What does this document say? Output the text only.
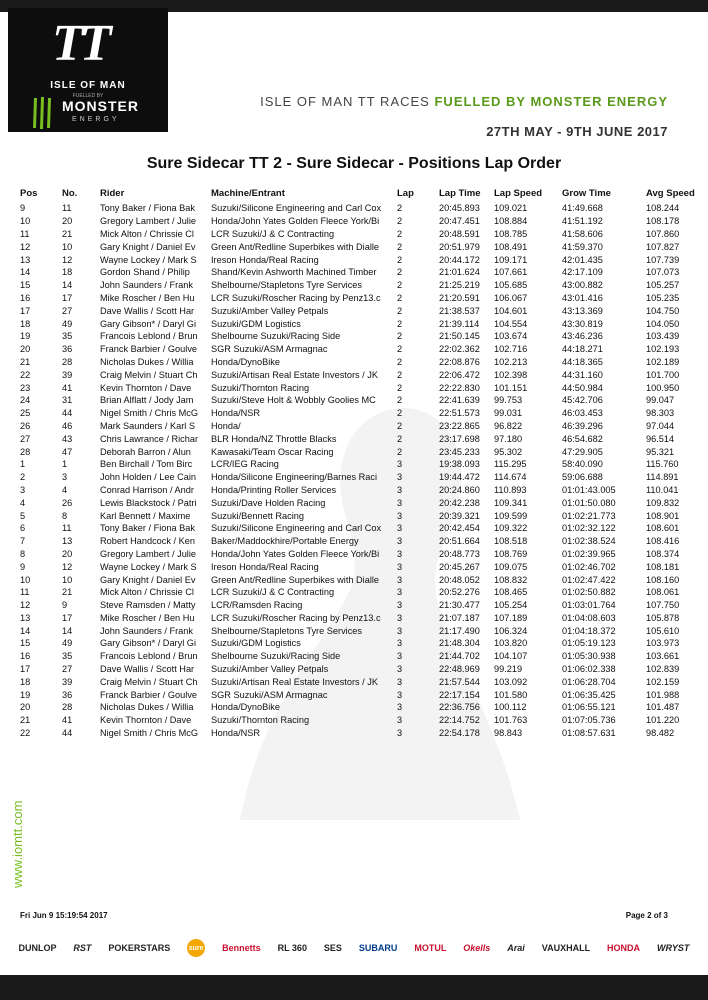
TT
ISLE OF MAN
FUELLED BY
MONSTER
ENERGY
ISLE OF MAN TT RACES FUELLED BY MONSTER ENERGY
27TH MAY - 9TH JUNE 2017
Sure Sidecar TT 2 - Sure Sidecar - Positions Lap Order
Pos	No.	Rider	Machine/Entrant	Lap	Lap Time	Lap Speed	Grow Time	Avg Speed
9	11	Tony Baker / Fiona Bak	Suzuki/Silicone Engineering and Carl Cox	2	20:45.893	109.021	41:49.668	108.244
10	20	Gregory Lambert / Julie	Honda/John Yates Golden Fleece York/Bi	2	20:47.451	108.884	41:51.192	108.178
11	21	Mick Alton / Chrissie Cl	LCR Suzuki/J & C Contracting	2	20:48.591	108.785	41:58.606	107.860
12	10	Gary Knight / Daniel Ev	Green Ant/Redline Superbikes with Dialle	2	20:51.979	108.491	41:59.370	107.827
13	12	Wayne Lockey / Mark S	Ireson Honda/Real Racing	2	20:44.172	109.171	42:01.435	107.739
14	18	Gordon Shand / Philip	Shand/Kevin Ashworth Machined Timber	2	21:01.624	107.661	42:17.109	107.073
15	14	John Saunders / Frank	Shelbourne/Stapletons Tyre Services	2	21:25.219	105.685	43:00.882	105.257
16	17	Mike Roscher / Ben Hu	LCR Suzuki/Roscher Racing by Penz13.c	2	21:20.591	106.067	43:01.416	105.235
17	27	Dave Wallis / Scott Har	Suzuki/Amber Valley Petpals	2	21:38.537	104.601	43:13.369	104.750
18	49	Gary Gibson* / Daryl Gi	Suzuki/GDM Logistics	2	21:39.114	104.554	43:30.819	104.050
19	35	Francois Leblond / Brun	Shelbourne Suzuki/Racing Side	2	21:50.145	103.674	43:46.236	103.439
20	36	Franck Barbier / Goulve	SGR Suzuki/ASM Armagnac	2	22:02.362	102.716	44:18.271	102.193
21	28	Nicholas Dukes / Willia	Honda/DynoBike	2	22:08.876	102.213	44:18.365	102.189
22	39	Craig Melvin / Stuart Ch	Suzuki/Artisan Real Estate Investors / JK	2	22:06.472	102.398	44:31.160	101.700
23	41	Kevin Thornton / Dave	Suzuki/Thornton Racing	2	22:22.830	101.151	44:50.984	100.950
24	31	Brian Alflatt / Jody Jam	Suzuki/Steve Holt & Wobbly Goolies MC	2	22:41.639	99.753	45:42.706	99.047
25	44	Nigel Smith / Chris McG	Honda/NSR	2	22:51.573	99.031	46:03.453	98.303
26	46	Mark Saunders / Karl S	Honda/	2	23:22.865	96.822	46:39.296	97.044
27	43	Chris Lawrance / Richar	BLR Honda/NZ Throttle Blacks	2	23:17.698	97.180	46:54.682	96.514
28	47	Deborah Barron / Alun	Kawasaki/Team Oscar Racing	2	23:45.233	95.302	47:29.905	95.321
1	1	Ben Birchall / Tom Birc	LCR/IEG Racing	3	19:38.093	115.295	58:40.090	115.760
2	3	John Holden / Lee Cain	Honda/Silicone Engineering/Barnes Raci	3	19:44.472	114.674	59:06.688	114.891
3	4	Conrad Harrison / Andr	Honda/Printing Roller Services	3	20:24.860	110.893	01:01:43.005	110.041
4	26	Lewis Blackstock / Patri	Suzuki/Dave Holden Racing	3	20:42.238	109.341	01:01:50.080	109.832
5	8	Karl Bennett / Maxime	Suzuki/Bennett Racing	3	20:39.321	109.599	01:02:21.773	108.901
6	11	Tony Baker / Fiona Bak	Suzuki/Silicone Engineering and Carl Cox	3	20:42.454	109.322	01:02:32.122	108.601
7	13	Robert Handcock / Ken	Baker/Maddockhire/Portable Energy	3	20:51.664	108.518	01:02:38.524	108.416
8	20	Gregory Lambert / Julie	Honda/John Yates Golden Fleece York/Bi	3	20:48.773	108.769	01:02:39.965	108.374
9	12	Wayne Lockey / Mark S	Ireson Honda/Real Racing	3	20:45.267	109.075	01:02:46.702	108.181
10	10	Gary Knight / Daniel Ev	Green Ant/Redline Superbikes with Dialle	3	20:48.052	108.832	01:02:47.422	108.160
11	21	Mick Alton / Chrissie Cl	LCR Suzuki/J & C Contracting	3	20:52.276	108.465	01:02:50.882	108.061
12	9	Steve Ramsden / Matty	LCR/Ramsden Racing	3	21:30.477	105.254	01:03:01.764	107.750
13	17	Mike Roscher / Ben Hu	LCR Suzuki/Roscher Racing by Penz13.c	3	21:07.187	107.189	01:04:08.603	105.878
14	14	John Saunders / Frank	Shelbourne/Stapletons Tyre Services	3	21:17.490	106.324	01:04:18.372	105.610
15	49	Gary Gibson* / Daryl Gi	Suzuki/GDM Logistics	3	21:48.304	103.820	01:05:19.123	103.973
16	35	Francois Leblond / Brun	Shelbourne Suzuki/Racing Side	3	21:44.702	104.107	01:05:30.938	103.661
17	27	Dave Wallis / Scott Har	Suzuki/Amber Valley Petpals	3	22:48.969	99.219	01:06:02.338	102.839
18	39	Craig Melvin / Stuart Ch	Suzuki/Artisan Real Estate Investors / JK	3	21:57.544	103.092	01:06:28.704	102.159
19	36	Franck Barbier / Goulve	SGR Suzuki/ASM Armagnac	3	22:17.154	101.580	01:06:35.425	101.988
20	28	Nicholas Dukes / Willia	Honda/DynoBike	3	22:36.756	100.112	01:06:55.121	101.487
21	41	Kevin Thornton / Dave	Suzuki/Thornton Racing	3	22:14.752	101.763	01:07:05.736	101.220
22	44	Nigel Smith / Chris McG	Honda/NSR	3	22:54.178	98.843	01:08:57.631	98.482
www.iomtt.com
Fri Jun 9 15:19:54 2017	Page 2 of 3
DUNLOP RST POKERSTARS	sure Bennetts RL 360 SES SUBARU MOTUL Okells Arai VAUXHALL HONDA WRYST
